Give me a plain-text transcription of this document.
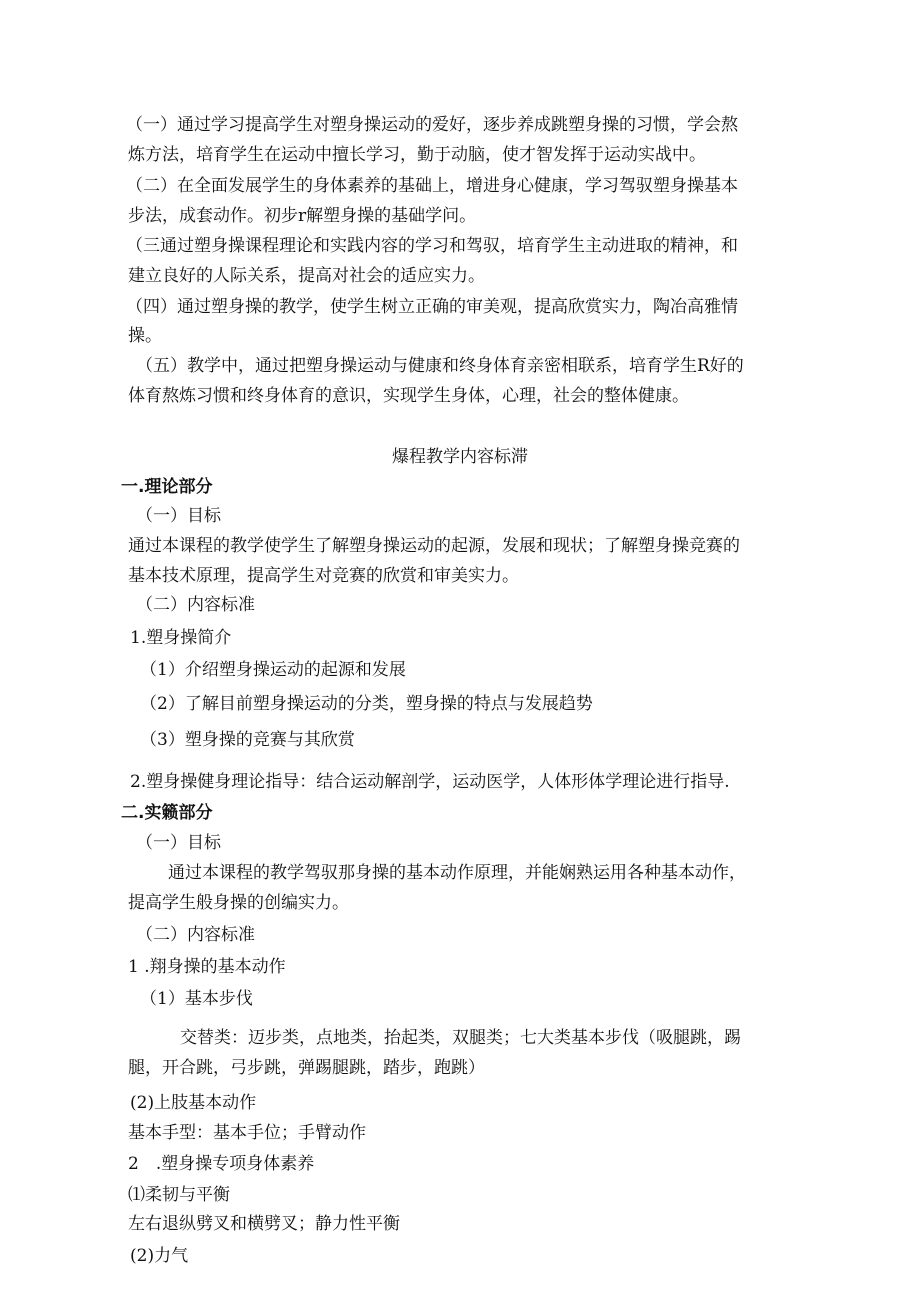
（一）通过学习提高学生对塑身操运动的爱好，逐步养成跳塑身操的习惯，学会熬
炼方法，培育学生在运动中擅长学习，勤于动脑，使才智发挥于运动实战中。
（二）在全面发展学生的身体素养的基础上，增进身心健康，学习驾驭塑身操基本
步法，成套动作。初步r解塑身操的基础学问。
（三通过塑身操课程理论和实践内容的学习和驾驭，培育学生主动进取的精神，和
建立良好的人际关系，提高对社会的适应实力。
（四）通过塑身操的教学，使学生树立正确的审美观，提高欣赏实力，陶冶高雅情
操。
（五）教学中，通过把塑身操运动与健康和终身体育亲密相联系，培育学生R好的
体育熬炼习惯和终身体育的意识，实现学生身体，心理，社会的整体健康。
爆程教学内容标滞
一.理论部分
（一）目标
通过本课程的教学使学生了解塑身操运动的起源，发展和现状；了解塑身操竞赛的
基本技术原理，提高学生对竞赛的欣赏和审美实力。
（二）内容标准
1.塑身操简介
（1）介绍塑身操运动的起源和发展
（2）了解目前塑身操运动的分类，塑身操的特点与发展趋势
（3）塑身操的竞赛与其欣赏
2.塑身操健身理论指导：结合运动解剖学，运动医学，人体形体学理论进行指导.
二.实籁部分
（一）目标
通过本课程的教学驾驭那身操的基本动作原理，并能娴熟运用各种基本动作，
提高学生般身操的创编实力。
（二）内容标准
1 .翔身操的基本动作
（1）基本步伐
交替类：迈步类，点地类，抬起类，双腿类；七大类基本步伐（吸腿跳，踢
腿，开合跳，弓步跳，弹踢腿跳，踏步，跑跳）
(2)上肢基本动作
基本手型：基本手位；手臂动作
2　.塑身操专项身体素养
⑴柔韧与平衡
左右退纵劈叉和横劈叉；静力性平衡
(2)力气
